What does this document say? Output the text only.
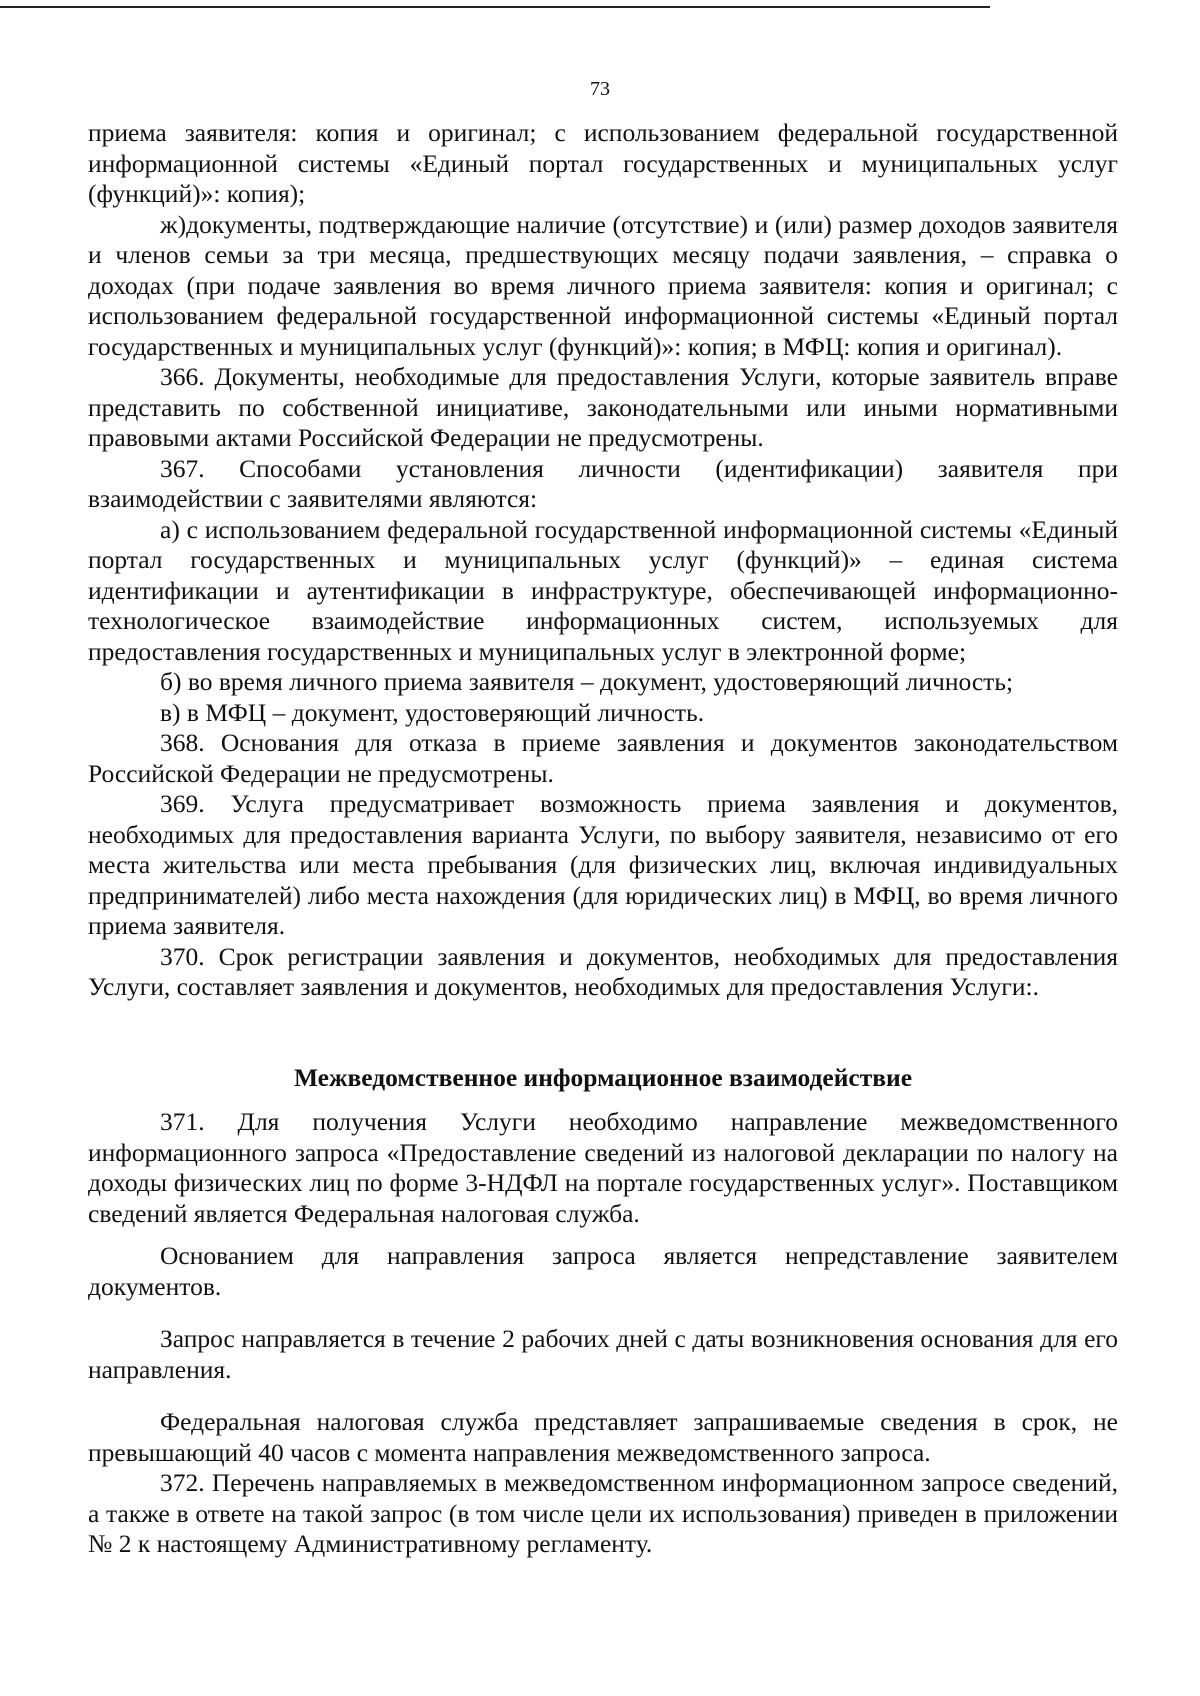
73

приема заявителя: копия и оригинал; с использованием федеральной государственной информационной системы «Единый портал государственных и муниципальных услуг (функций)»: копия);

ж)документы, подтверждающие наличие (отсутствие) и (или) размер доходов заявителя и членов семьи за три месяца, предшествующих месяцу подачи заявления, – справка о доходах (при подаче заявления во время личного приема заявителя: копия и оригинал; с использованием федеральной государственной информационной системы «Единый портал государственных и муниципальных услуг (функций)»: копия; в МФЦ: копия и оригинал).

366. Документы, необходимые для предоставления Услуги, которые заявитель вправе представить по собственной инициативе, законодательными или иными нормативными правовыми актами Российской Федерации не предусмотрены.

367. Способами установления личности (идентификации) заявителя при взаимодействии с заявителями являются:

а) с использованием федеральной государственной информационной системы «Единый портал государственных и муниципальных услуг (функций)» – единая система идентификации и аутентификации в инфраструктуре, обеспечивающей информационно-технологическое взаимодействие информационных систем, используемых для предоставления государственных и муниципальных услуг в электронной форме;

б) во время личного приема заявителя – документ, удостоверяющий личность;

в) в МФЦ – документ, удостоверяющий личность.

368. Основания для отказа в приеме заявления и документов законодательством Российской Федерации не предусмотрены.

369. Услуга предусматривает возможность приема заявления и документов, необходимых для предоставления варианта Услуги, по выбору заявителя, независимо от его места жительства или места пребывания (для физических лиц, включая индивидуальных предпринимателей) либо места нахождения (для юридических лиц) в МФЦ, во время личного приема заявителя.

370. Срок регистрации заявления и документов, необходимых для предоставления Услуги, составляет заявления и документов, необходимых для предоставления Услуги:.

Межведомственное информационное взаимодействие

371. Для получения Услуги необходимо направление межведомственного информационного запроса «Предоставление сведений из налоговой декларации по налогу на доходы физических лиц по форме 3-НДФЛ на портале государственных услуг». Поставщиком сведений является Федеральная налоговая служба.

Основанием для направления запроса является непредставление заявителем документов.

Запрос направляется в течение 2 рабочих дней с даты возникновения основания для его направления.

Федеральная налоговая служба представляет запрашиваемые сведения в срок, не превышающий 40 часов с момента направления межведомственного запроса.

372. Перечень направляемых в межведомственном информационном запросе сведений, а также в ответе на такой запрос (в том числе цели их использования) приведен в приложении № 2 к настоящему Административному регламенту.
